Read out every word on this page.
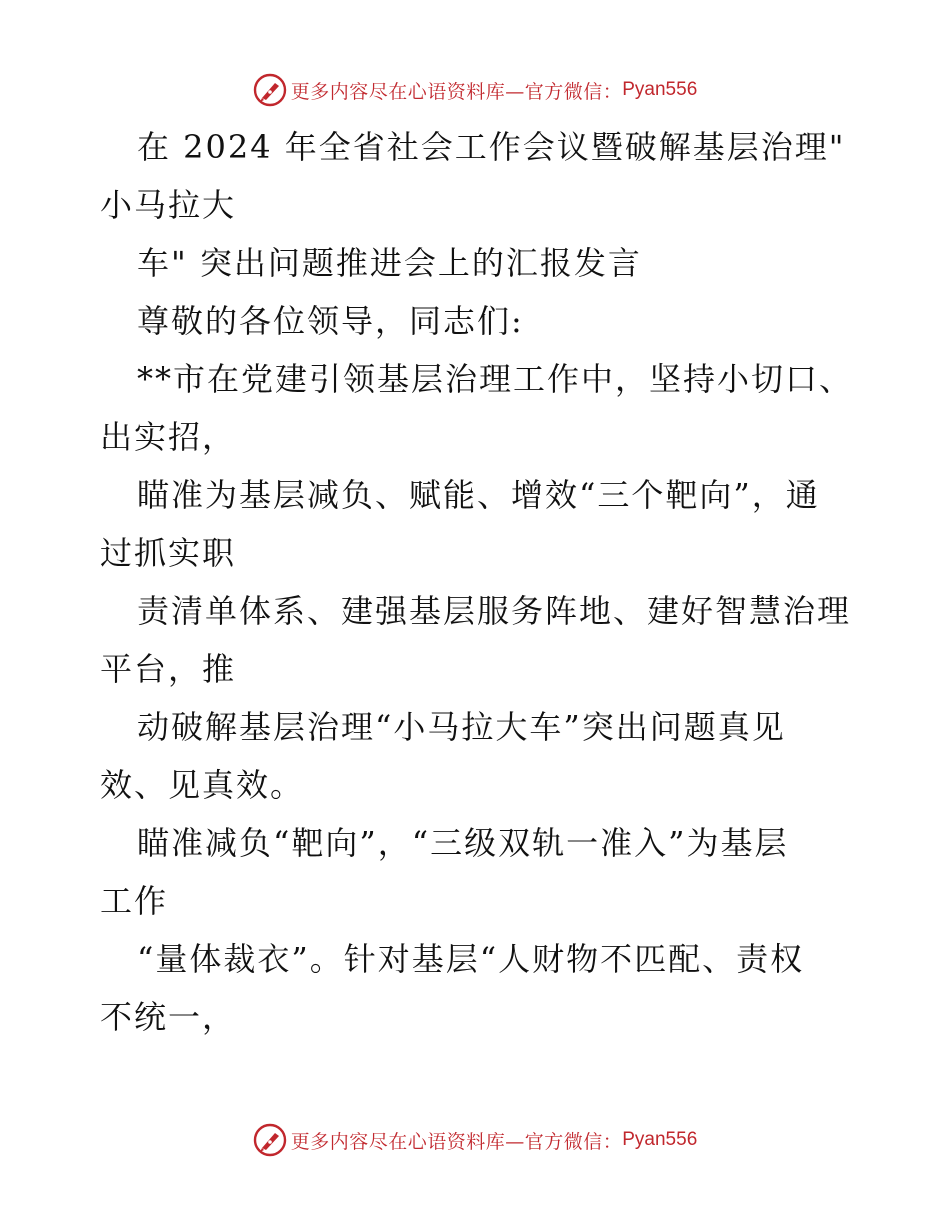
更多内容尽在心语资料库—官方微信： Pyan556
在 2024 年全省社会工作会议暨破解基层治理"
小马拉大
车" 突出问题推进会上的汇报发言
尊敬的各位领导，同志们:
**市在党建引领基层治理工作中，坚持小切口、
出实招，
瞄准为基层减负、赋能、增效“三个靶向”，通
过抓实职
责清单体系、建强基层服务阵地、建好智慧治理
平台，推
动破解基层治理“小马拉大车”突出问题真见
效、见真效。
瞄准减负“靶向”，“三级双轨一准入”为基层
工作
“量体裁衣”。针对基层“人财物不匹配、责权
不统一，
更多内容尽在心语资料库—官方微信： Pyan556
